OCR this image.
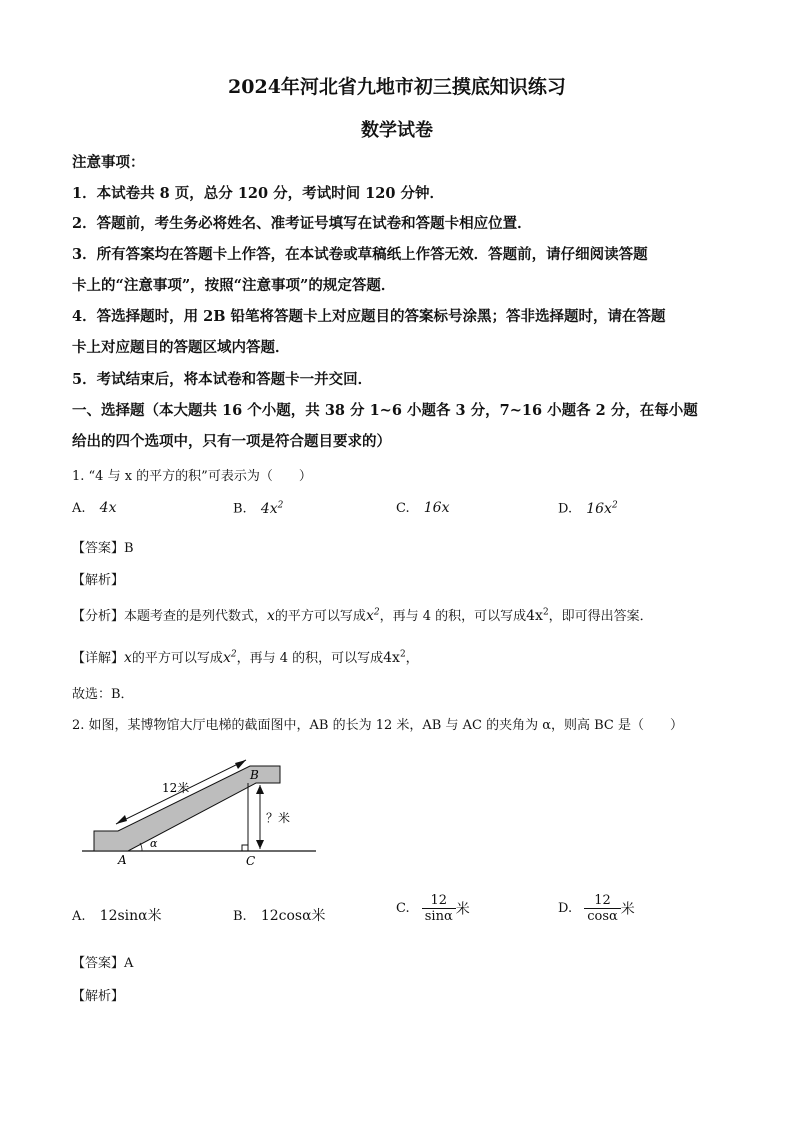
2024年河北省九地市初三摸底知识练习
数学试卷
注意事项：
1．本试卷共 8 页，总分 120 分，考试时间 120 分钟．
2．答题前，考生务必将姓名、准考证号填写在试卷和答题卡相应位置．
3．所有答案均在答题卡上作答，在本试卷或草稿纸上作答无效．答题前，请仔细阅读答题
卡上的“注意事项”，按照“注意事项”的规定答题．
4．答选择题时，用 2B 铅笔将答题卡上对应题目的答案标号涂黑；答非选择题时，请在答题
卡上对应题目的答题区域内答题．
5．考试结束后，将本试卷和答题卡一并交回．
一、选择题（本大题共 16 个小题，共 38 分 1~6 小题各 3 分，7~16 小题各 2 分，在每小题
给出的四个选项中，只有一项是符合题目要求的）
1. “4 与 x 的平方的积”可表示为（　　）
A. 4x	B. $4x^2$	C. 16x	D. $16x^2$
【答案】B
【解析】
【分析】本题考查的是列代数式，x的平方可以写成$x^2$，再与 4 的积，可以写成$4x^2$，即可得出答案．
【详解】x的平方可以写成$x^2$，再与 4 的积，可以写成$4x^2$，
故选：B．
2. 如图，某博物馆大厅电梯的截面图中，AB 的长为 12 米，AB 与 AC 的夹角为 α，则高 BC 是（　　）
12米
B
？米
A	C
α
A. 12sinα米	B. 12cosα米	C. $\frac{12}{\sin\alpha}$ 米	D. $\frac{12}{\cos\alpha}$ 米
【答案】A
【解析】
